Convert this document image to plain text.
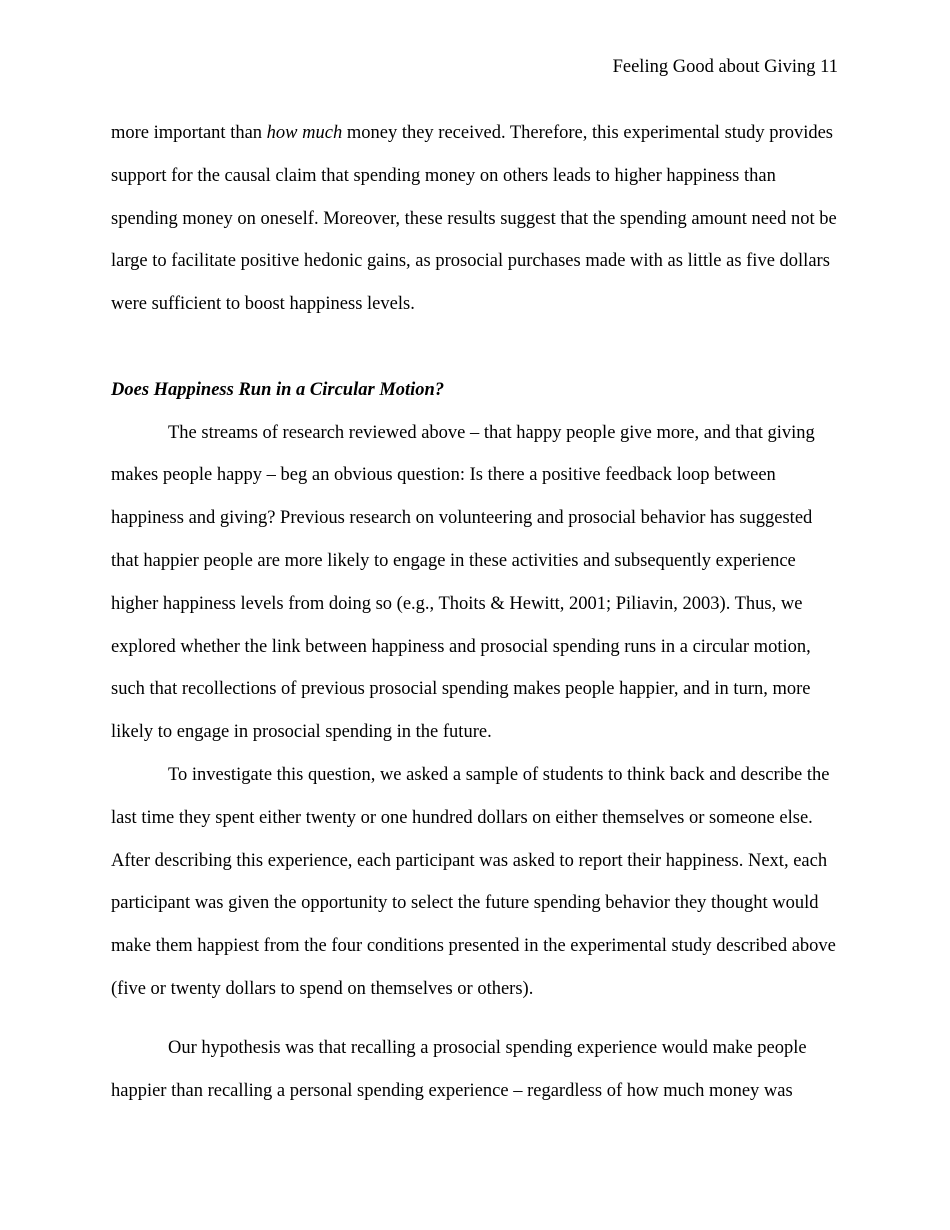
Feeling Good about Giving 11

more important than how much money they received. Therefore, this experimental study provides support for the causal claim that spending money on others leads to higher happiness than spending money on oneself. Moreover, these results suggest that the spending amount need not be large to facilitate positive hedonic gains, as prosocial purchases made with as little as five dollars were sufficient to boost happiness levels.

Does Happiness Run in a Circular Motion?

The streams of research reviewed above – that happy people give more, and that giving makes people happy – beg an obvious question: Is there a positive feedback loop between happiness and giving? Previous research on volunteering and prosocial behavior has suggested that happier people are more likely to engage in these activities and subsequently experience higher happiness levels from doing so (e.g., Thoits & Hewitt, 2001; Piliavin, 2003). Thus, we explored whether the link between happiness and prosocial spending runs in a circular motion, such that recollections of previous prosocial spending makes people happier, and in turn, more likely to engage in prosocial spending in the future.

To investigate this question, we asked a sample of students to think back and describe the last time they spent either twenty or one hundred dollars on either themselves or someone else. After describing this experience, each participant was asked to report their happiness. Next, each participant was given the opportunity to select the future spending behavior they thought would make them happiest from the four conditions presented in the experimental study described above (five or twenty dollars to spend on themselves or others).

Our hypothesis was that recalling a prosocial spending experience would make people happier than recalling a personal spending experience – regardless of how much money was
